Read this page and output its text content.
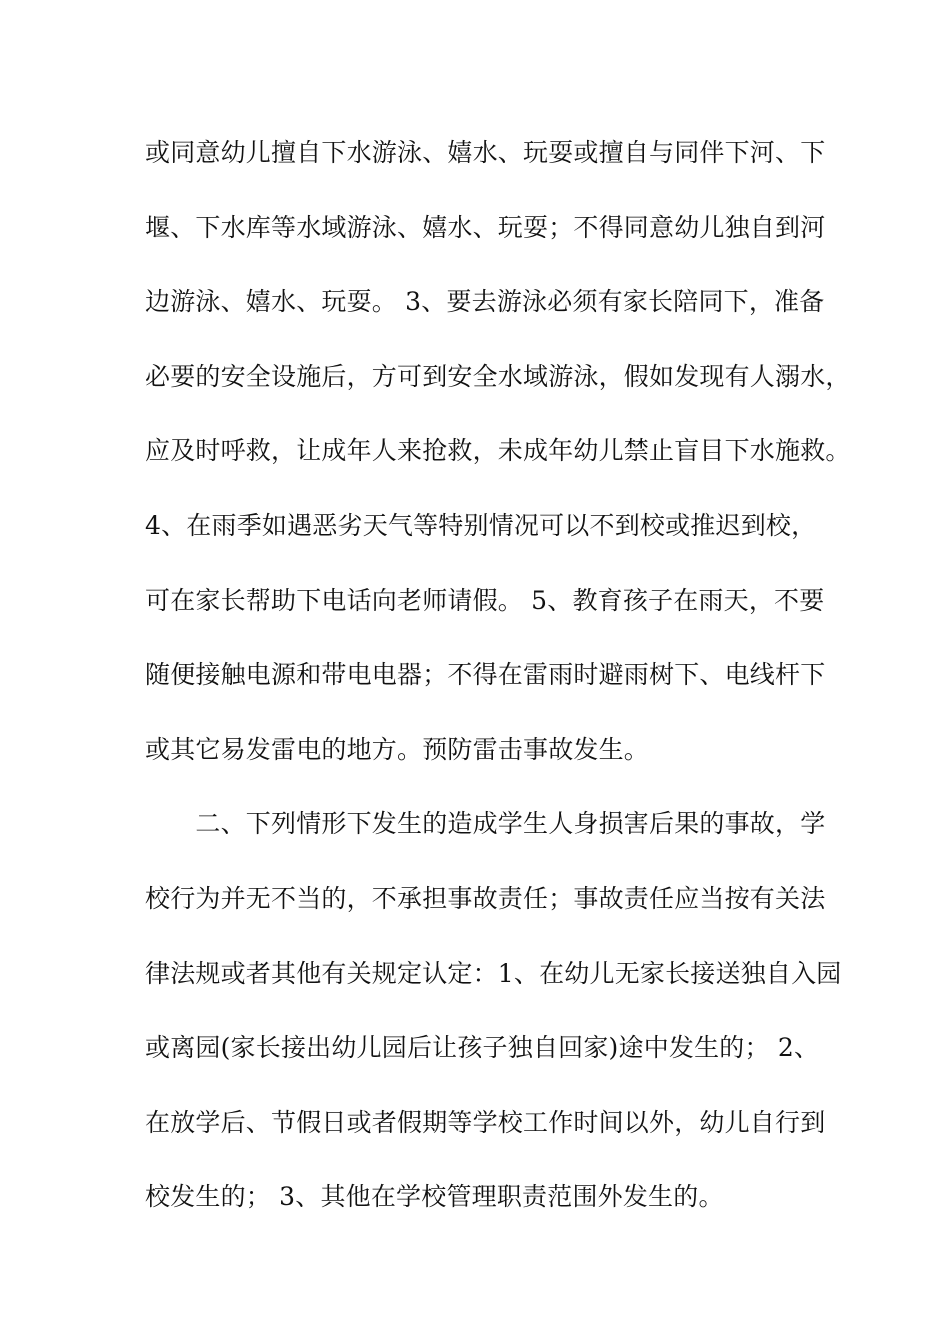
或同意幼儿擅自下水游泳、嬉水、玩耍或擅自与同伴下河、下
堰、下水库等水域游泳、嬉水、玩耍；不得同意幼儿独自到河
边游泳、嬉水、玩耍。 3、要去游泳必须有家长陪同下，准备
必要的安全设施后，方可到安全水域游泳，假如发现有人溺水，
应及时呼救，让成年人来抢救，未成年幼儿禁止盲目下水施救。
4、在雨季如遇恶劣天气等特别情况可以不到校或推迟到校，
可在家长帮助下电话向老师请假。 5、教育孩子在雨天，不要
随便接触电源和带电电器；不得在雷雨时避雨树下、电线杆下
或其它易发雷电的地方。预防雷击事故发生。
　　二、下列情形下发生的造成学生人身损害后果的事故，学
校行为并无不当的，不承担事故责任；事故责任应当按有关法
律法规或者其他有关规定认定：1、在幼儿无家长接送独自入园
或离园(家长接出幼儿园后让孩子独自回家)途中发生的； 2、
在放学后、节假日或者假期等学校工作时间以外，幼儿自行到
校发生的； 3、其他在学校管理职责范围外发生的。
